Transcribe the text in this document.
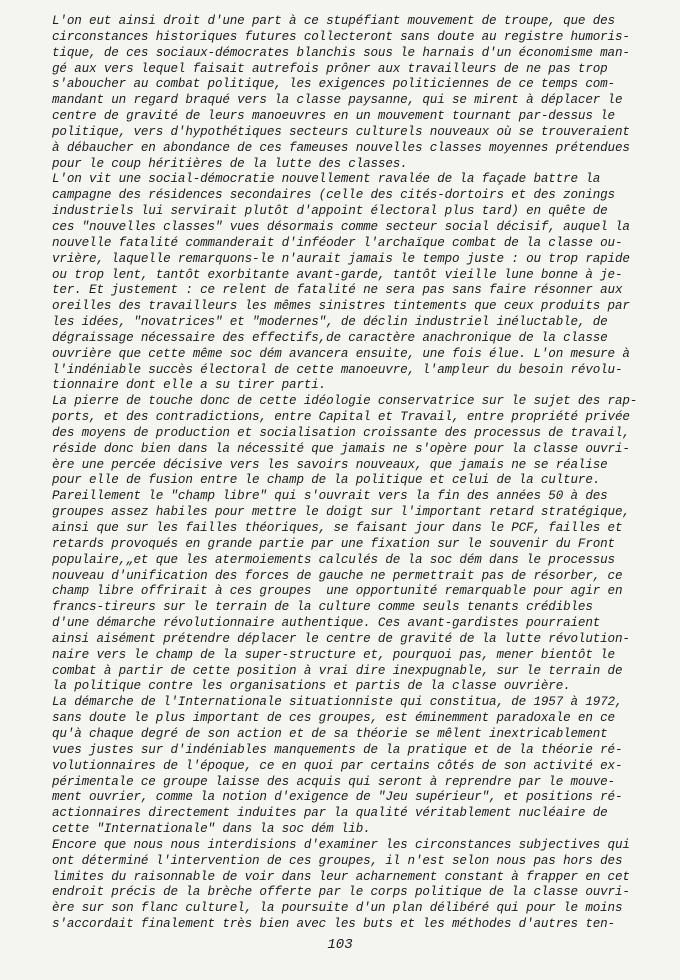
L'on eut ainsi droit d'une part à ce stupéfiant mouvement de troupe, que des
circonstances historiques futures collecteront sans doute au registre humoris-
tique, de ces sociaux-démocrates blanchis sous le harnais d'un économisme man-
gé aux vers lequel faisait autrefois prôner aux travailleurs de ne pas trop
s'aboucher au combat politique, les exigences politiciennes de ce temps com-
mandant un regard braqué vers la classe paysanne, qui se mirent à déplacer le
centre de gravité de leurs manoeuvres en un mouvement tournant par-dessus le
politique, vers d'hypothétiques secteurs culturels nouveaux où se trouveraient
à débaucher en abondance de ces fameuses nouvelles classes moyennes prétendues
pour le coup héritières de la lutte des classes.
L'on vit une social-démocratie nouvellement ravalée de la façade battre la
campagne des résidences secondaires (celle des cités-dortoirs et des zonings
industriels lui servirait plutôt d'appoint électoral plus tard) en quête de
ces "nouvelles classes" vues désormais comme secteur social décisif, auquel la
nouvelle fatalité commanderait d'inféoder l'archaïque combat de la classe ou-
vrière, laquelle remarquons-le n'aurait jamais le tempo juste : ou trop rapide
ou trop lent, tantôt exorbitante avant-garde, tantôt vieille lune bonne à je-
ter. Et justement : ce relent de fatalité ne sera pas sans faire résonner aux
oreilles des travailleurs les mêmes sinistres tintements que ceux produits par
les idées, "novatrices" et "modernes", de déclin industriel inéluctable, de
dégraissage nécessaire des effectifs,de caractère anachronique de la classe
ouvrière que cette même soc dém avancera ensuite, une fois élue. L'on mesure à
l'indéniable succès électoral de cette manoeuvre, l'ampleur du besoin révolu-
tionnaire dont elle a su tirer parti.
La pierre de touche donc de cette idéologie conservatrice sur le sujet des rap-
ports, et des contradictions, entre Capital et Travail, entre propriété privée
des moyens de production et socialisation croissante des processus de travail,
réside donc bien dans la nécessité que jamais ne s'opère pour la classe ouvri-
ère une percée décisive vers les savoirs nouveaux, que jamais ne se réalise
pour elle de fusion entre le champ de la politique et celui de la culture.
Pareillement le "champ libre" qui s'ouvrait vers la fin des années 50 à des
groupes assez habiles pour mettre le doigt sur l'important retard stratégique,
ainsi que sur les failles théoriques, se faisant jour dans le PCF, failles et
retards provoqués en grande partie par une fixation sur le souvenir du Front
populaire,„et que les atermoiements calculés de la soc dém dans le processus
nouveau d'unification des forces de gauche ne permettrait pas de résorber, ce
champ libre offrirait à ces groupes  une opportunité remarquable pour agir en
francs-tireurs sur le terrain de la culture comme seuls tenants crédibles
d'une démarche révolutionnaire authentique. Ces avant-gardistes pourraient
ainsi aisément prétendre déplacer le centre de gravité de la lutte révolution-
naire vers le champ de la super-structure et, pourquoi pas, mener bientôt le
combat à partir de cette position à vrai dire inexpugnable, sur le terrain de
la politique contre les organisations et partis de la classe ouvrière.
La démarche de l'Internationale situationniste qui constitua, de 1957 à 1972,
sans doute le plus important de ces groupes, est éminemment paradoxale en ce
qu'à chaque degré de son action et de sa théorie se mêlent inextricablement
vues justes sur d'indéniables manquements de la pratique et de la théorie ré-
volutionnaires de l'époque, ce en quoi par certains côtés de son activité ex-
périmentale ce groupe laisse des acquis qui seront à reprendre par le mouve-
ment ouvrier, comme la notion d'exigence de "Jeu supérieur", et positions ré-
actionnaires directement induites par la qualité véritablement nucléaire de
cette "Internationale" dans la soc dém lib.
Encore que nous nous interdisions d'examiner les circonstances subjectives qui
ont déterminé l'intervention de ces groupes, il n'est selon nous pas hors des
limites du raisonnable de voir dans leur acharnement constant à frapper en cet
endroit précis de la brèche offerte par le corps politique de la classe ouvri-
ère sur son flanc culturel, la poursuite d'un plan délibéré qui pour le moins
s'accordait finalement très bien avec les buts et les méthodes d'autres ten-
103
